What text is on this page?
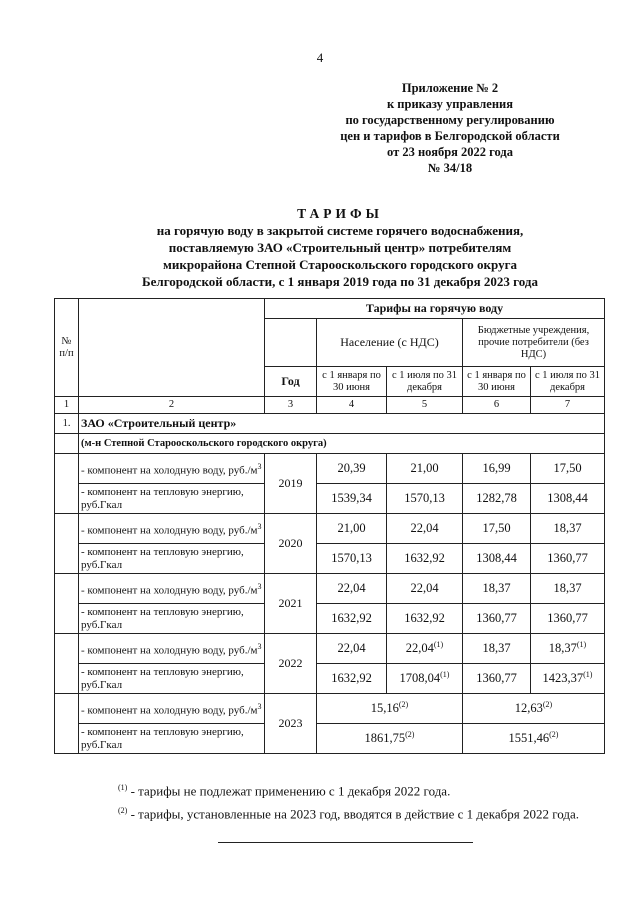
4
Приложение № 2
к приказу управления
по государственному регулированию
цен и тарифов в Белгородской области
от 23 ноября 2022 года
№ 34/18
ТАРИФЫ
на горячую воду в закрытой системе горячего водоснабжения,
поставляемую ЗАО «Строительный центр» потребителям
микрорайона Степной Старооскольского городского округа
Белгородской области, с 1 января 2019 года по 31 декабря 2023 года
№ п/п		Тарифы на горячую воду				
			Население (с НДС)		Бюджетные учреждения, прочие потребители (без НДС)	
		Год	с 1 января по 30 июня	с 1 июля по 31 декабря	с 1 января по 30 июня	с 1 июля по 31 декабря
1	2	3	4	5	6	7
1.	ЗАО «Строительный центр»					
	(м-н Степной Старооскольского городского округа)					
	- компонент на холодную воду, $руб./м^3$	2019	20,39	21,00	16,99	17,50
	- компонент на тепловую энергию, руб.Гкал		1539,34	1570,13	1282,78	1308,44
	- компонент на холодную воду, $руб./м^3$	2020	21,00	22,04	17,50	18,37
	- компонент на тепловую энергию, руб.Гкал		1570,13	1632,92	1308,44	1360,77
	- компонент на холодную воду, $руб./м^3$	2021	22,04	22,04	18,37	18,37
	- компонент на тепловую энергию, руб.Гкал		1632,92	1632,92	1360,77	1360,77
	- компонент на холодную воду, $руб./м^3$	2022	22,04	22,04$^{(1)}$	18,37	18,37$^{(1)}$
	- компонент на тепловую энергию, руб.Гкал		1632,92	1708,04$^{(1)}$	1360,77	1423,37$^{(1)}$
	- компонент на холодную воду, $руб./м^3$	2023	15,16$^{(2)}$		12,63$^{(2)}$
	- компонент на тепловую энергию, руб.Гкал		1861,75$^{(2)}$		1551,46$^{(2)}$
$^{(1)}$ - тарифы не подлежат применению с 1 декабря 2022 года.
$^{(2)}$ - тарифы, установленные на 2023 год, вводятся в действие с 1 декабря 2022 года.
